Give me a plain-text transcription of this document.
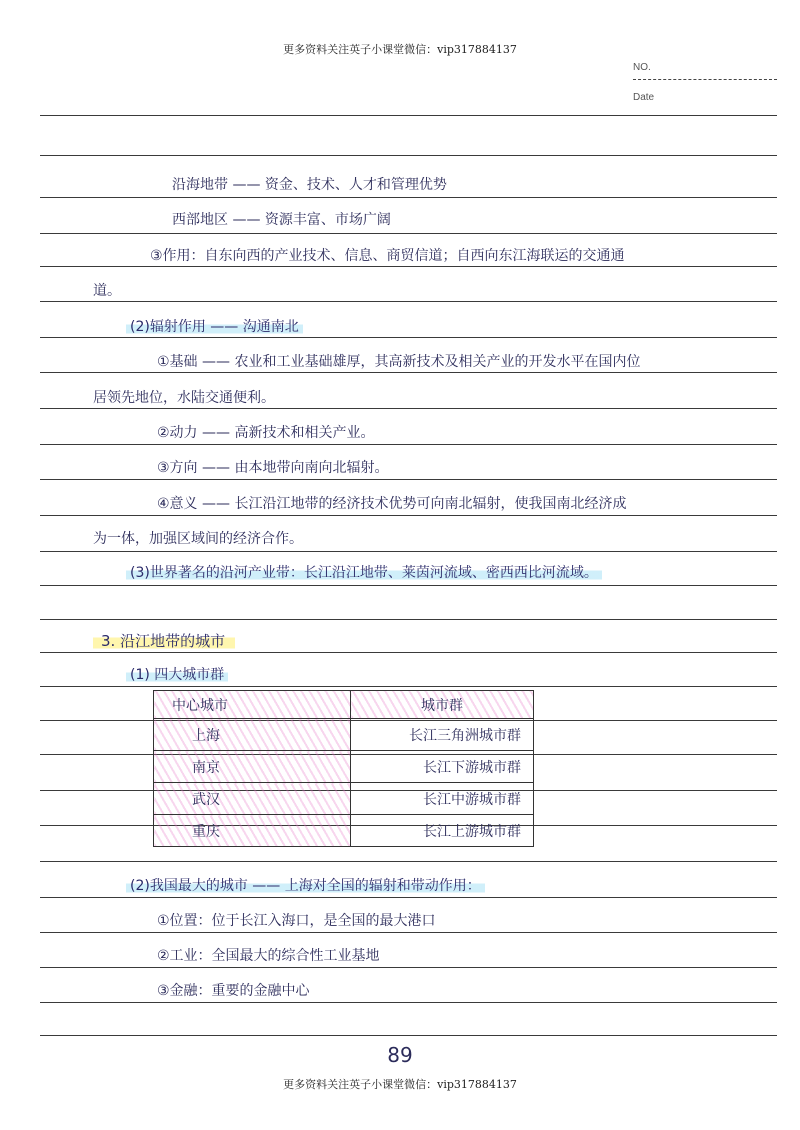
更多资料关注英子小课堂微信：vip317884137
NO.
Date
沿海地带 —— 资金、技术、人才和管理优势
西部地区 —— 资源丰富、市场广阔
③作用：自东向西的产业技术、信息、商贸信道；自西向东江海联运的交通通
道。
(2)辐射作用 —— 沟通南北
①基础 —— 农业和工业基础雄厚，其高新技术及相关产业的开发水平在国内位
居领先地位，水陆交通便利。
②动力 —— 高新技术和相关产业。
③方向 —— 由本地带向南向北辐射。
④意义 —— 长江沿江地带的经济技术优势可向南北辐射，使我国南北经济成
为一体，加强区域间的经济合作。
(3)世界著名的沿河产业带：长江沿江地带、莱茵河流域、密西西比河流域。
3. 沿江地带的城市
(1) 四大城市群
中心城市	城市群
上海	长江三角洲城市群
南京	长江下游城市群
武汉	长江中游城市群
重庆	长江上游城市群
(2)我国最大的城市 —— 上海对全国的辐射和带动作用：
①位置：位于长江入海口，是全国的最大港口
②工业：全国最大的综合性工业基地
③金融：重要的金融中心
89
更多资料关注英子小课堂微信：vip317884137
